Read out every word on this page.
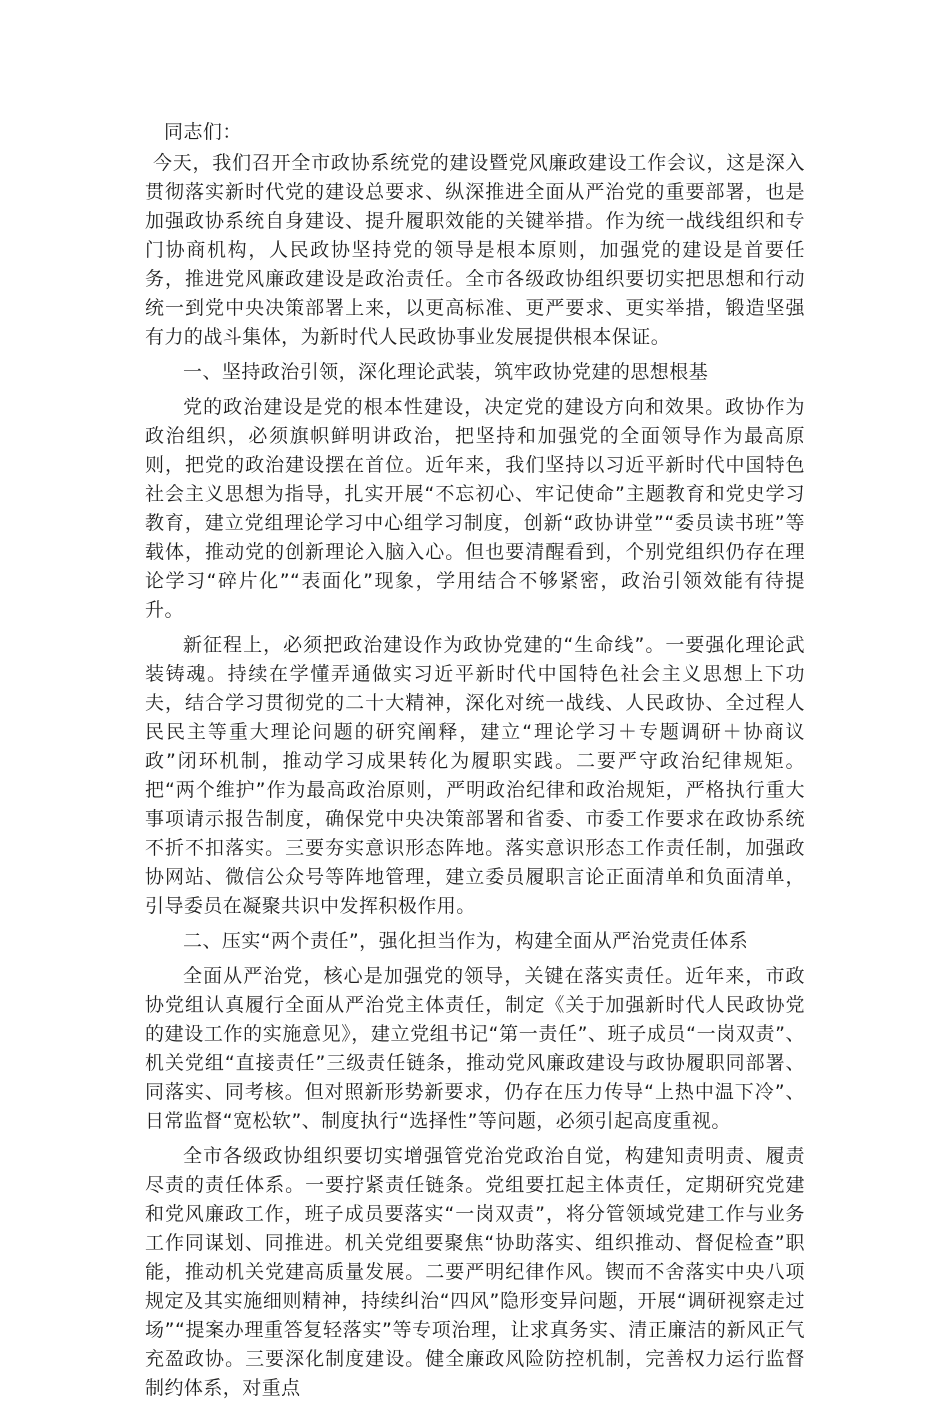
同志们：

今天，我们召开全市政协系统党的建设暨党风廉政建设工作会议，这是深入贯彻落实新时代党的建设总要求、纵深推进全面从严治党的重要部署，也是加强政协系统自身建设、提升履职效能的关键举措。作为统一战线组织和专门协商机构，人民政协坚持党的领导是根本原则，加强党的建设是首要任务，推进党风廉政建设是政治责任。全市各级政协组织要切实把思想和行动统一到党中央决策部署上来，以更高标准、更严要求、更实举措，锻造坚强有力的战斗集体，为新时代人民政协事业发展提供根本保证。

一、坚持政治引领，深化理论武装，筑牢政协党建的思想根基

党的政治建设是党的根本性建设，决定党的建设方向和效果。政协作为政治组织，必须旗帜鲜明讲政治，把坚持和加强党的全面领导作为最高原则，把党的政治建设摆在首位。近年来，我们坚持以习近平新时代中国特色社会主义思想为指导，扎实开展“不忘初心、牢记使命”主题教育和党史学习教育，建立党组理论学习中心组学习制度，创新“政协讲堂”“委员读书班”等载体，推动党的创新理论入脑入心。但也要清醒看到，个别党组织仍存在理论学习“碎片化”“表面化”现象，学用结合不够紧密，政治引领效能有待提升。

新征程上，必须把政治建设作为政协党建的“生命线”。一要强化理论武装铸魂。持续在学懂弄通做实习近平新时代中国特色社会主义思想上下功夫，结合学习贯彻党的二十大精神，深化对统一战线、人民政协、全过程人民民主等重大理论问题的研究阐释，建立“理论学习＋专题调研＋协商议政”闭环机制，推动学习成果转化为履职实践。二要严守政治纪律规矩。把“两个维护”作为最高政治原则，严明政治纪律和政治规矩，严格执行重大事项请示报告制度，确保党中央决策部署和省委、市委工作要求在政协系统不折不扣落实。三要夯实意识形态阵地。落实意识形态工作责任制，加强政协网站、微信公众号等阵地管理，建立委员履职言论正面清单和负面清单，引导委员在凝聚共识中发挥积极作用。

二、压实“两个责任”，强化担当作为，构建全面从严治党责任体系

全面从严治党，核心是加强党的领导，关键在落实责任。近年来，市政协党组认真履行全面从严治党主体责任，制定《关于加强新时代人民政协党的建设工作的实施意见》，建立党组书记“第一责任”、班子成员“一岗双责”、机关党组“直接责任”三级责任链条，推动党风廉政建设与政协履职同部署、同落实、同考核。但对照新形势新要求，仍存在压力传导“上热中温下冷”、日常监督“宽松软”、制度执行“选择性”等问题，必须引起高度重视。

全市各级政协组织要切实增强管党治党政治自觉，构建知责明责、履责尽责的责任体系。一要拧紧责任链条。党组要扛起主体责任，定期研究党建和党风廉政工作，班子成员要落实“一岗双责”，将分管领域党建工作与业务工作同谋划、同推进。机关党组要聚焦“协助落实、组织推动、督促检查”职能，推动机关党建高质量发展。二要严明纪律作风。锲而不舍落实中央八项规定及其实施细则精神，持续纠治“四风”隐形变异问题，开展“调研视察走过场”“提案办理重答复轻落实”等专项治理，让求真务实、清正廉洁的新风正气充盈政协。三要深化制度建设。健全廉政风险防控机制，完善权力运行监督制约体系，对重点
